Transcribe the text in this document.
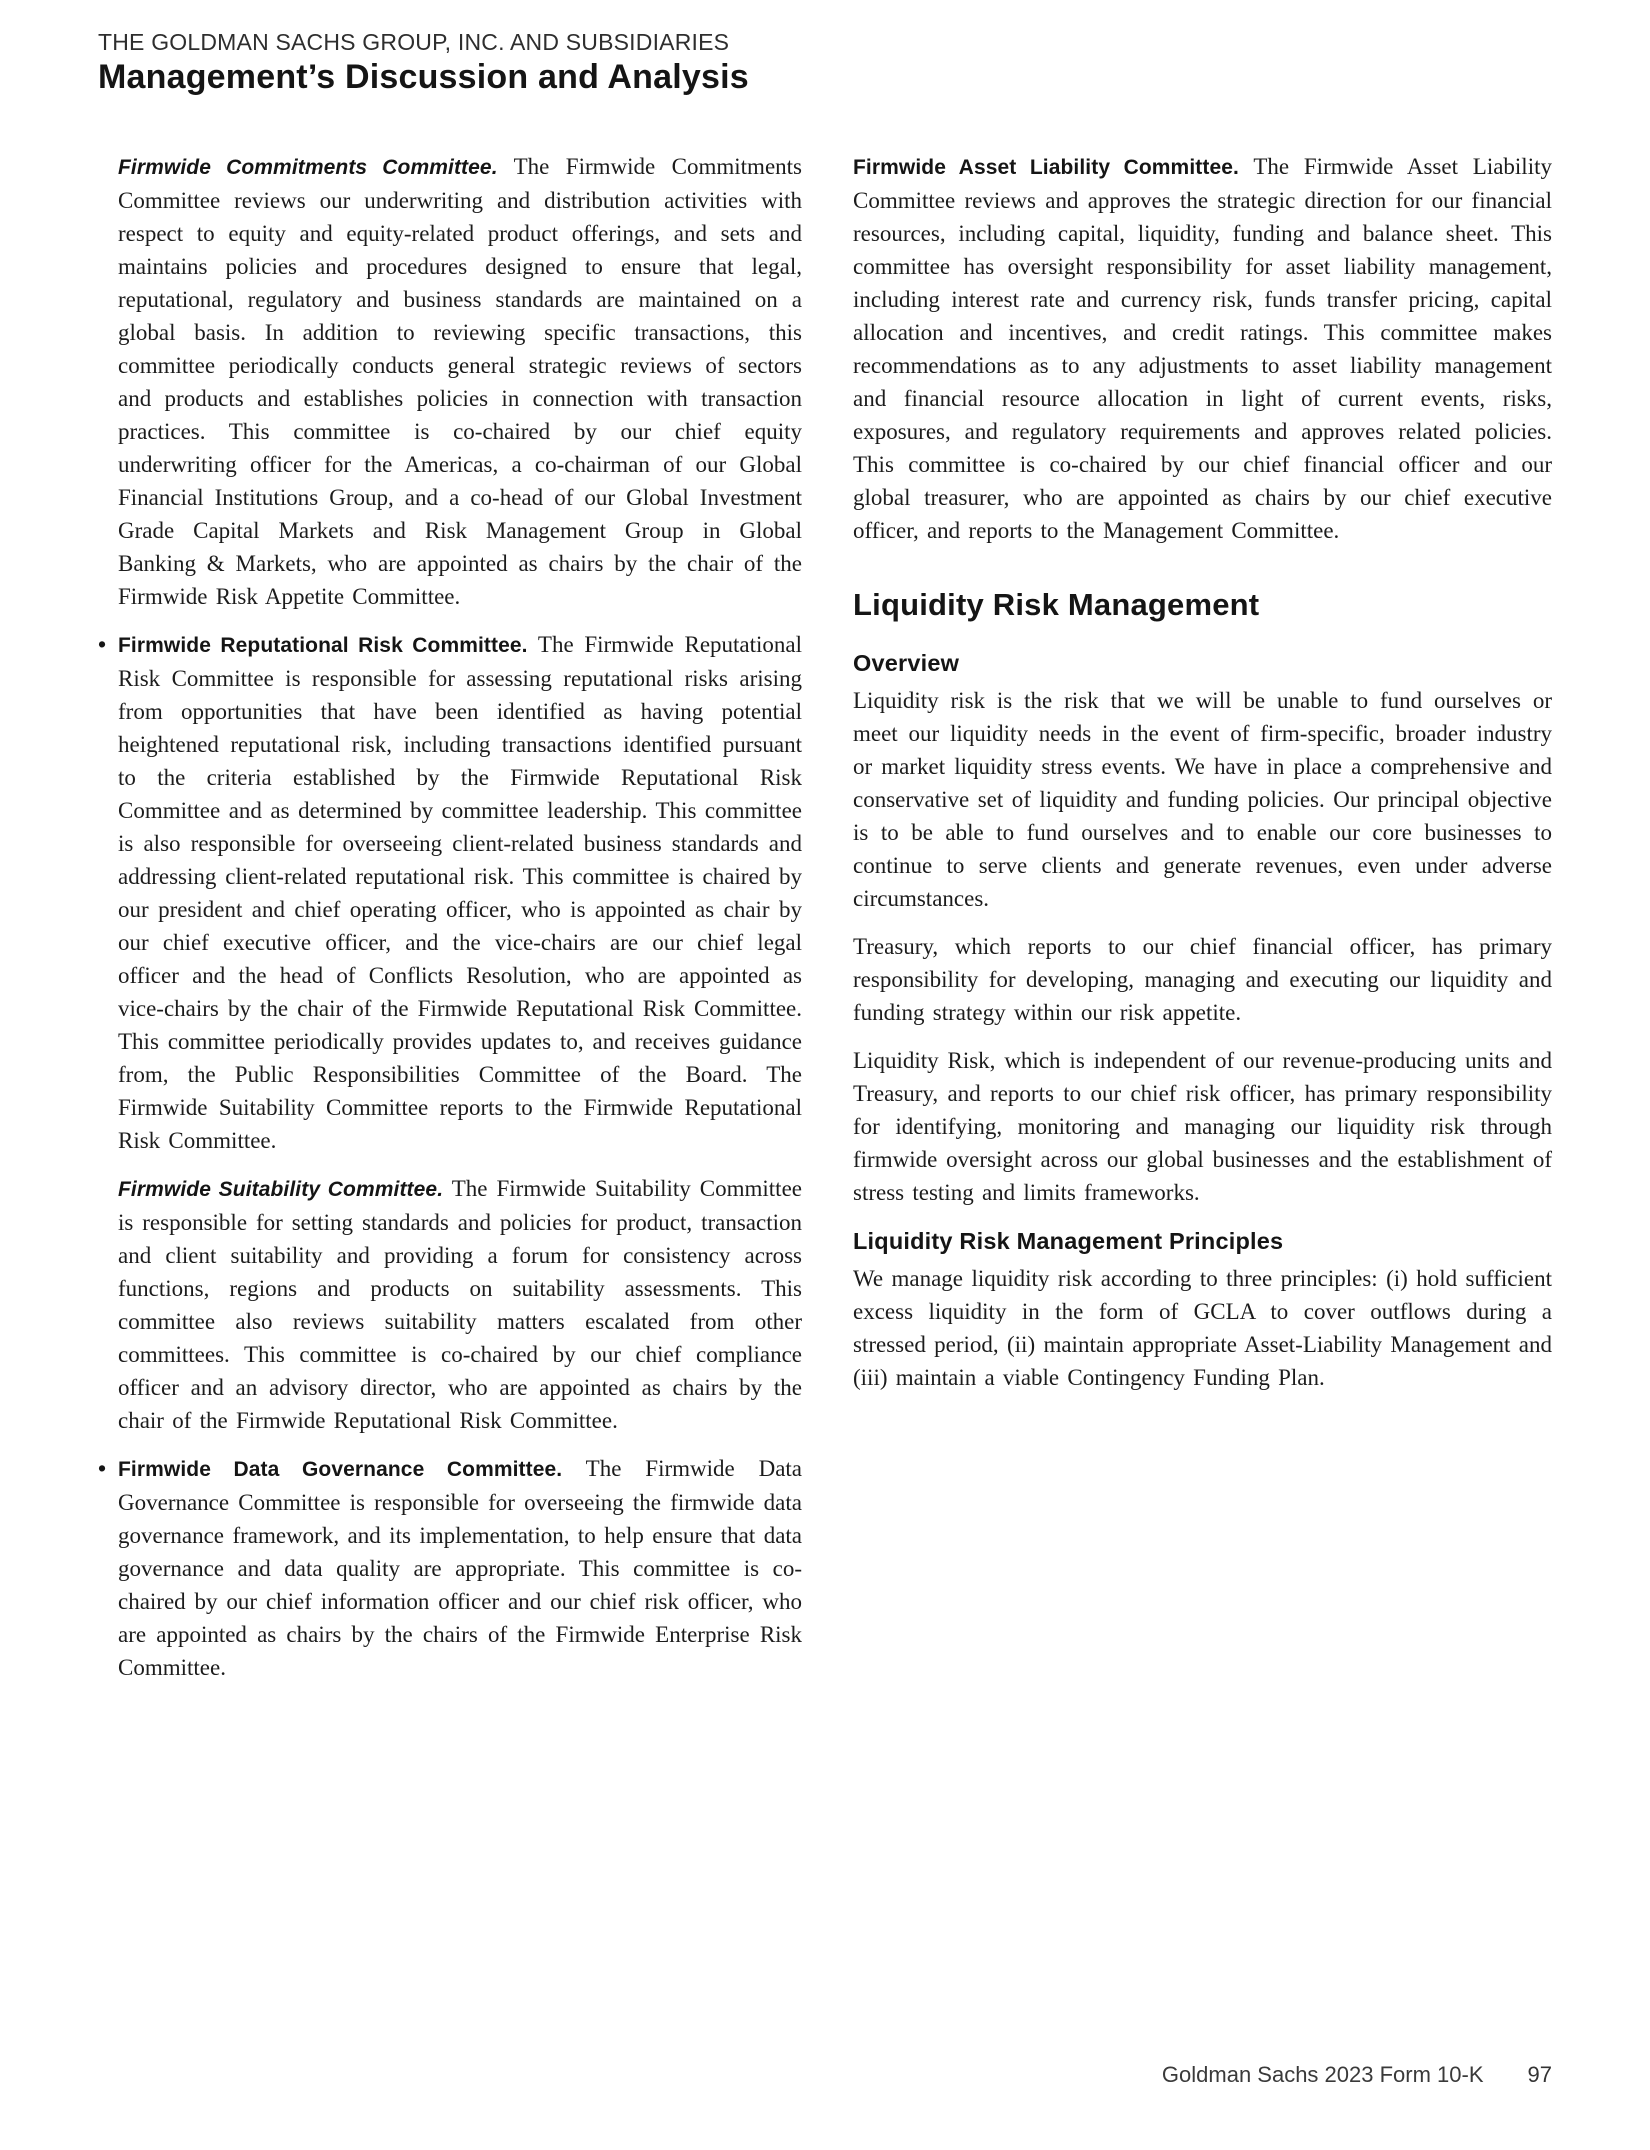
THE GOLDMAN SACHS GROUP, INC. AND SUBSIDIARIES
Management’s Discussion and Analysis
Firmwide Commitments Committee. The Firmwide Commitments Committee reviews our underwriting and distribution activities with respect to equity and equity-related product offerings, and sets and maintains policies and procedures designed to ensure that legal, reputational, regulatory and business standards are maintained on a global basis. In addition to reviewing specific transactions, this committee periodically conducts general strategic reviews of sectors and products and establishes policies in connection with transaction practices. This committee is co-chaired by our chief equity underwriting officer for the Americas, a co-chairman of our Global Financial Institutions Group, and a co-head of our Global Investment Grade Capital Markets and Risk Management Group in Global Banking & Markets, who are appointed as chairs by the chair of the Firmwide Risk Appetite Committee.
• Firmwide Reputational Risk Committee. The Firmwide Reputational Risk Committee is responsible for assessing reputational risks arising from opportunities that have been identified as having potential heightened reputational risk, including transactions identified pursuant to the criteria established by the Firmwide Reputational Risk Committee and as determined by committee leadership. This committee is also responsible for overseeing client-related business standards and addressing client-related reputational risk. This committee is chaired by our president and chief operating officer, who is appointed as chair by our chief executive officer, and the vice-chairs are our chief legal officer and the head of Conflicts Resolution, who are appointed as vice-chairs by the chair of the Firmwide Reputational Risk Committee. This committee periodically provides updates to, and receives guidance from, the Public Responsibilities Committee of the Board. The Firmwide Suitability Committee reports to the Firmwide Reputational Risk Committee.
Firmwide Suitability Committee. The Firmwide Suitability Committee is responsible for setting standards and policies for product, transaction and client suitability and providing a forum for consistency across functions, regions and products on suitability assessments. This committee also reviews suitability matters escalated from other committees. This committee is co-chaired by our chief compliance officer and an advisory director, who are appointed as chairs by the chair of the Firmwide Reputational Risk Committee.
• Firmwide Data Governance Committee. The Firmwide Data Governance Committee is responsible for overseeing the firmwide data governance framework, and its implementation, to help ensure that data governance and data quality are appropriate. This committee is co-chaired by our chief information officer and our chief risk officer, who are appointed as chairs by the chairs of the Firmwide Enterprise Risk Committee.
Firmwide Asset Liability Committee. The Firmwide Asset Liability Committee reviews and approves the strategic direction for our financial resources, including capital, liquidity, funding and balance sheet. This committee has oversight responsibility for asset liability management, including interest rate and currency risk, funds transfer pricing, capital allocation and incentives, and credit ratings. This committee makes recommendations as to any adjustments to asset liability management and financial resource allocation in light of current events, risks, exposures, and regulatory requirements and approves related policies. This committee is co-chaired by our chief financial officer and our global treasurer, who are appointed as chairs by our chief executive officer, and reports to the Management Committee.
Liquidity Risk Management
Overview

Liquidity risk is the risk that we will be unable to fund ourselves or meet our liquidity needs in the event of firm-specific, broader industry or market liquidity stress events. We have in place a comprehensive and conservative set of liquidity and funding policies. Our principal objective is to be able to fund ourselves and to enable our core businesses to continue to serve clients and generate revenues, even under adverse circumstances.

Treasury, which reports to our chief financial officer, has primary responsibility for developing, managing and executing our liquidity and funding strategy within our risk appetite.

Liquidity Risk, which is independent of our revenue-producing units and Treasury, and reports to our chief risk officer, has primary responsibility for identifying, monitoring and managing our liquidity risk through firmwide oversight across our global businesses and the establishment of stress testing and limits frameworks.

Liquidity Risk Management Principles

We manage liquidity risk according to three principles: (i) hold sufficient excess liquidity in the form of GCLA to cover outflows during a stressed period, (ii) maintain appropriate Asset-Liability Management and (iii) maintain a viable Contingency Funding Plan.

Goldman Sachs 2023 Form 10-K 97
